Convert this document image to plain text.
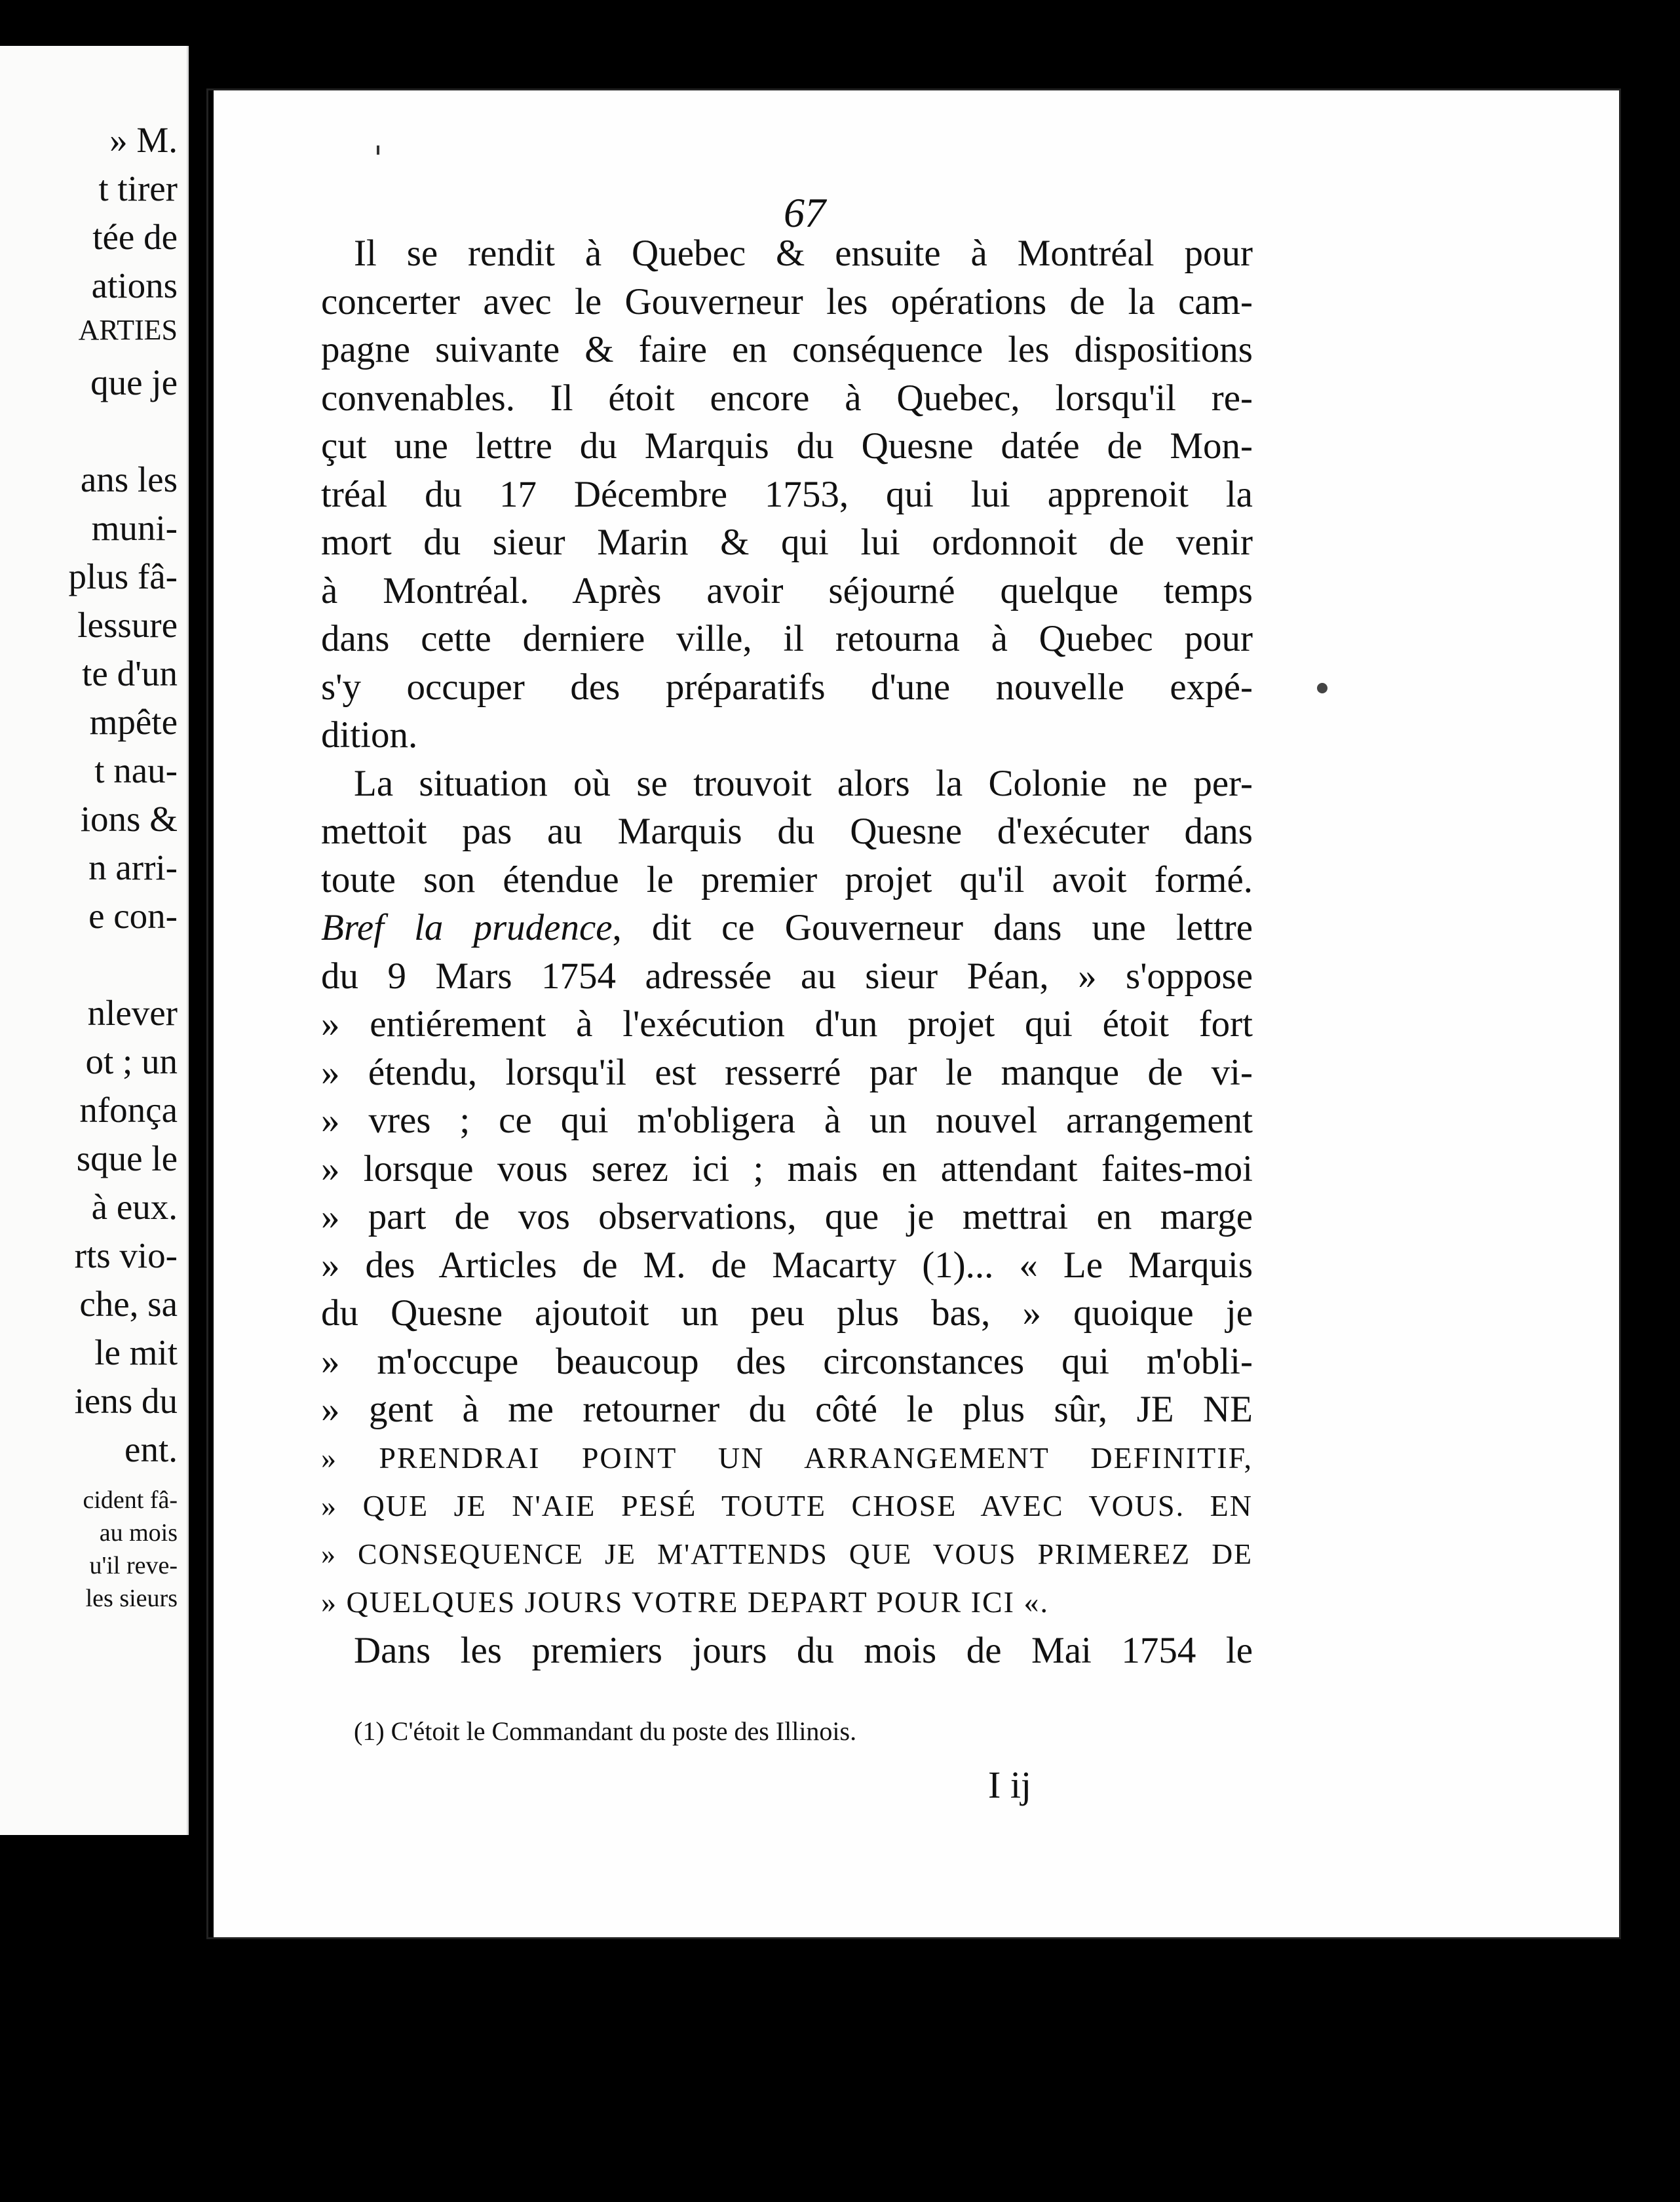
» M.
t tirer
tée de
ations
ARTIES
que je
ans les
muni-
plus fâ-
lessure
te d'un
mpête
t nau-
ions &
n arri-
e con-
nlever
ot ; un
nfonça
sque le
à eux.
rts vio-
che, sa
le mit
iens du
ent.
cident fâ-
au mois
u'il reve-
les sieurs
67
Il se rendit à Quebec & ensuite à Montréal pour
concerter avec le Gouverneur les opérations de la cam-
pagne suivante & faire en conséquence les dispositions
convenables. Il étoit encore à Quebec, lorsqu'il re-
çut une lettre du Marquis du Quesne datée de Mon-
tréal du 17 Décembre 1753, qui lui apprenoit la
mort du sieur Marin & qui lui ordonnoit de venir
à Montréal. Après avoir séjourné quelque temps
dans cette derniere ville, il retourna à Quebec pour
s'y occuper des préparatifs d'une nouvelle expé-
dition.
La situation où se trouvoit alors la Colonie ne per-
mettoit pas au Marquis du Quesne d'exécuter dans
toute son étendue le premier projet qu'il avoit formé.
Bref la prudence, dit ce Gouverneur dans une lettre
du 9 Mars 1754 adressée au sieur Péan, » s'oppose
» entiérement à l'exécution d'un projet qui étoit fort
» étendu, lorsqu'il est resserré par le manque de vi-
» vres ; ce qui m'obligera à un nouvel arrangement
» lorsque vous serez ici ; mais en attendant faites-moi
» part de vos observations, que je mettrai en marge
» des Articles de M. de Macarty (1)... « Le Marquis
du Quesne ajoutoit un peu plus bas, » quoique je
» m'occupe beaucoup des circonstances qui m'obli-
» gent à me retourner du côté le plus sûr, JE NE
» PRENDRAI POINT UN ARRANGEMENT DEFINITIF,
» QUE JE N'AIE PESÉ TOUTE CHOSE AVEC VOUS. EN
» CONSEQUENCE JE M'ATTENDS QUE VOUS PRIMEREZ DE
» QUELQUES JOURS VOTRE DEPART POUR ICI «.
Dans les premiers jours du mois de Mai 1754 le
(1) C'étoit le Commandant du poste des Illinois.
I ij
